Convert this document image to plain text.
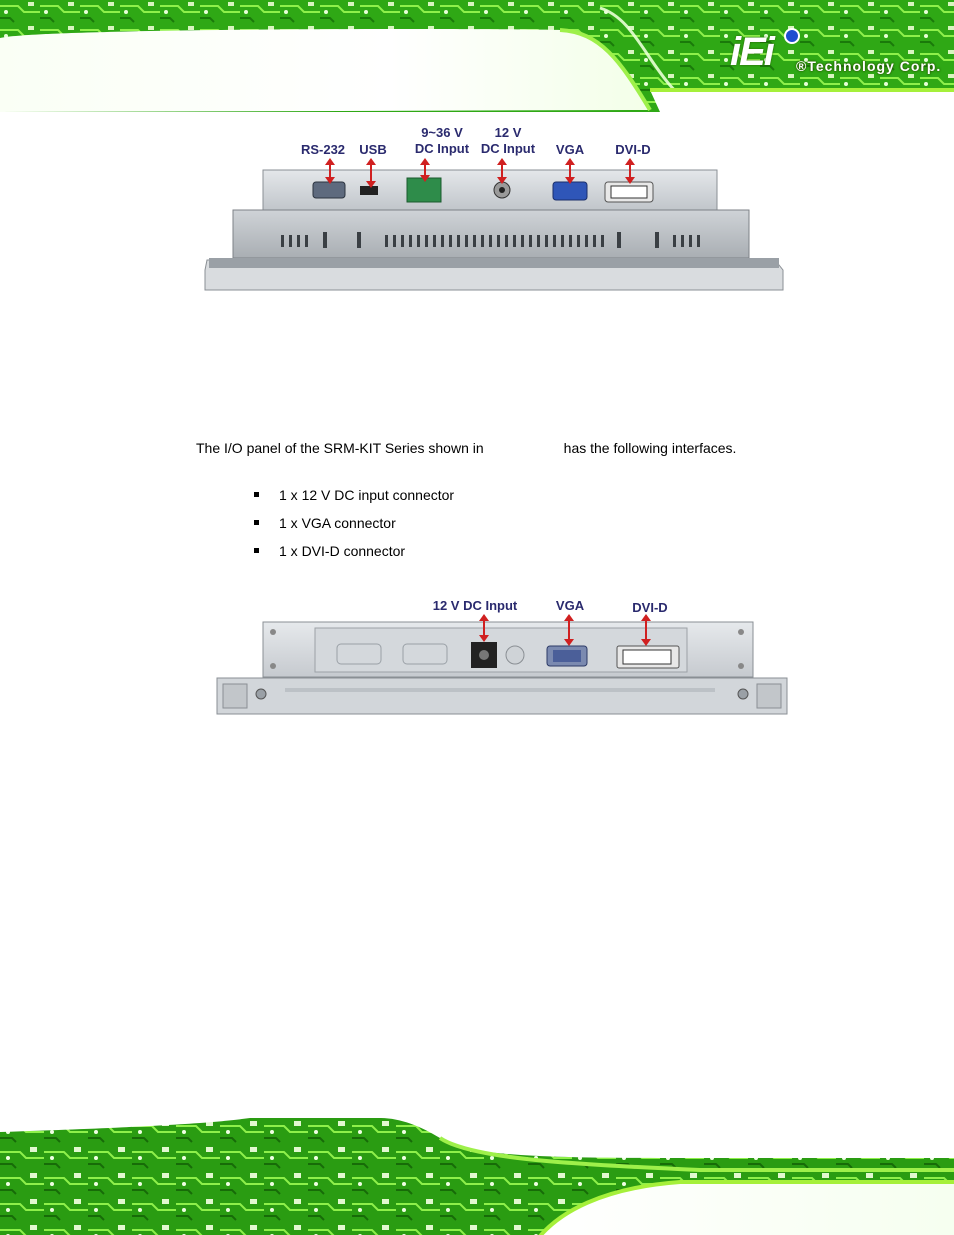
iEi ®Technology Corp.
RS-232	USB
9~36 V
DC Input
12 V
DC Input	VGA	DVI-D
The I/O panel of the SRM-KIT Series shown in	has the following interfaces.
1 x 12 V DC input connector
1 x VGA connector
1 x DVI-D connector
12 V DC Input	VGA	DVI-D
